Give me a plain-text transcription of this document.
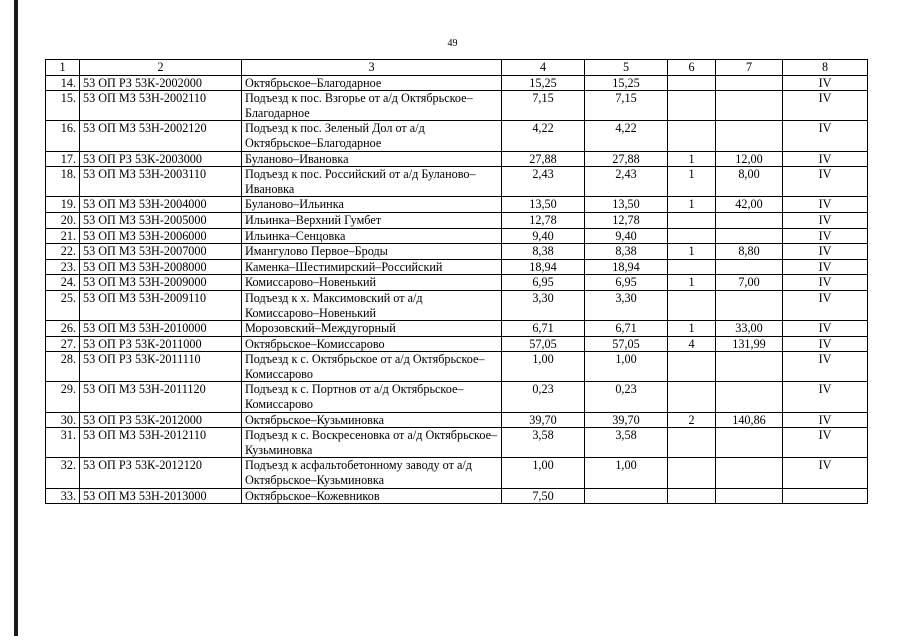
49
1	2	3	4	5	6	7	8
14.	53 ОП РЗ 53К-2002000	Октябрьское–Благодарное	15,25	15,25			IV
15.	53 ОП МЗ 53Н-2002110	Подъезд к пос. Взгорье от а/д Октябрьское–Благодарное	7,15	7,15			IV
16.	53 ОП МЗ 53Н-2002120	Подъезд к пос. Зеленый Дол от а/д Октябрьское–Благодарное	4,22	4,22			IV
17.	53 ОП РЗ 53К-2003000	Буланово–Ивановка	27,88	27,88	1	12,00	IV
18.	53 ОП МЗ 53Н-2003110	Подъезд к пос. Российский от а/д Буланово–Ивановка	2,43	2,43	1	8,00	IV
19.	53 ОП МЗ 53Н-2004000	Буланово–Ильинка	13,50	13,50	1	42,00	IV
20.	53 ОП МЗ 53Н-2005000	Ильинка–Верхний Гумбет	12,78	12,78			IV
21.	53 ОП МЗ 53Н-2006000	Ильинка–Сенцовка	9,40	9,40			IV
22.	53 ОП МЗ 53Н-2007000	Имангулово Первое–Броды	8,38	8,38	1	8,80	IV
23.	53 ОП МЗ 53Н-2008000	Каменка–Шестимирский–Российский	18,94	18,94			IV
24.	53 ОП МЗ 53Н-2009000	Комиссарово–Новенький	6,95	6,95	1	7,00	IV
25.	53 ОП МЗ 53Н-2009110	Подъезд к х. Максимовский от а/д Комиссарово–Новенький	3,30	3,30			IV
26.	53 ОП МЗ 53Н-2010000	Морозовский–Междугорный	6,71	6,71	1	33,00	IV
27.	53 ОП РЗ 53К-2011000	Октябрьское–Комиссарово	57,05	57,05	4	131,99	IV
28.	53 ОП РЗ 53К-2011110	Подъезд к с. Октябрьское от а/д Октябрьское–Комиссарово	1,00	1,00			IV
29.	53 ОП МЗ 53Н-2011120	Подъезд к с. Портнов от а/д Октябрьское–Комиссарово	0,23	0,23			IV
30.	53 ОП РЗ 53К-2012000	Октябрьское–Кузьминовка	39,70	39,70	2	140,86	IV
31.	53 ОП МЗ 53Н-2012110	Подъезд к с. Воскресеновка от а/д Октябрьское–Кузьминовка	3,58	3,58			IV
32.	53 ОП РЗ 53К-2012120	Подъезд к асфальтобетонному заводу от а/д Октябрьское–Кузьминовка	1,00	1,00			IV
33.	53 ОП МЗ 53Н-2013000	Октябрьское–Кожевников	7,50				
